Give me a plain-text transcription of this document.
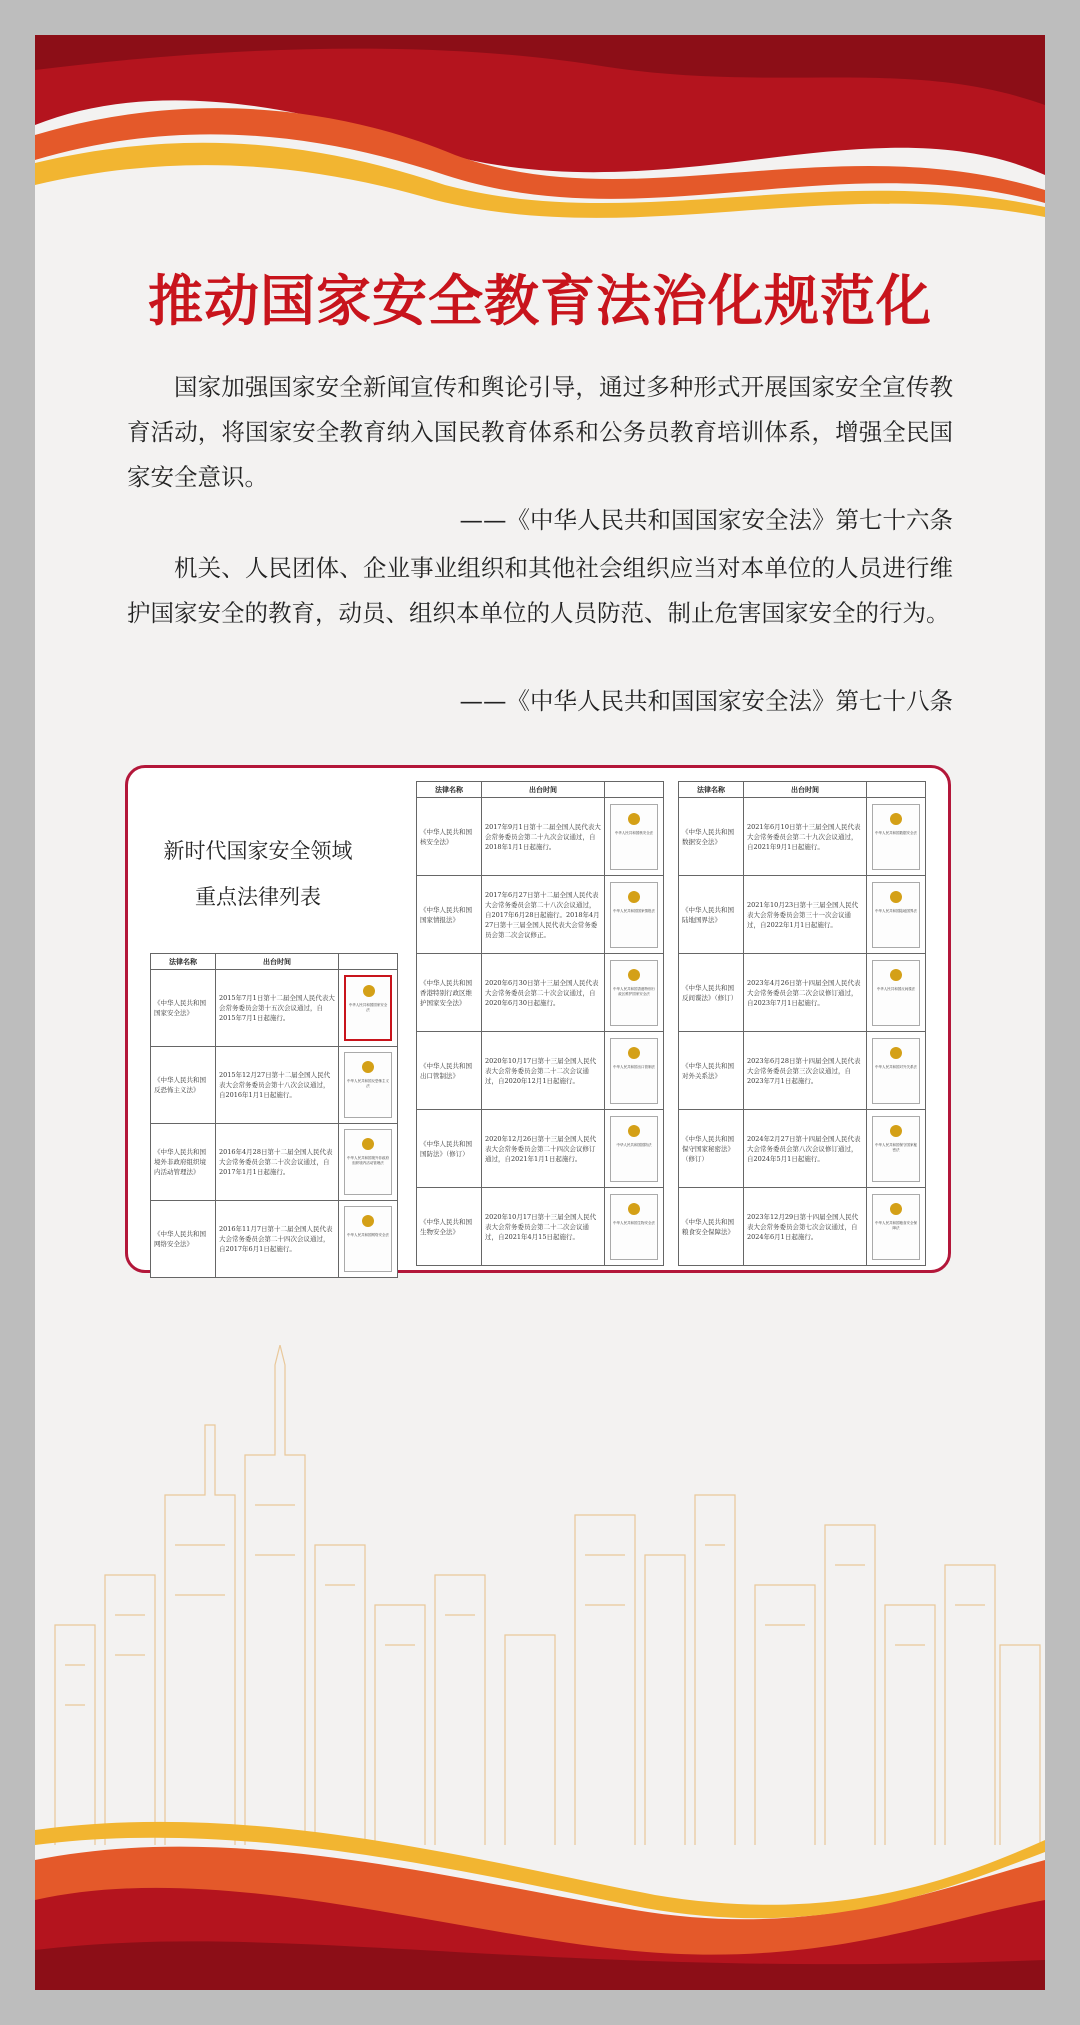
推动国家安全教育法治化规范化
国家加强国家安全新闻宣传和舆论引导，通过多种形式开展国家安全宣传教育活动，将国家安全教育纳入国民教育体系和公务员教育培训体系，增强全民国家安全意识。
——《中华人民共和国国家安全法》第七十六条
机关、人民团体、企业事业组织和其他社会组织应当对本单位的人员进行维护国家安全的教育，动员、组织本单位的人员防范、制止危害国家安全的行为。
——《中华人民共和国国家安全法》第七十八条
新时代国家安全领域
重点法律列表
法律名称	出台时间	
《中华人民共和国国家安全法》	2015年7月1日第十二届全国人民代表大会常务委员会第十五次会议通过，自2015年7月1日起施行。	中华人民共和国国家安全法

《中华人民共和国反恐怖主义法》	2015年12月27日第十二届全国人民代表大会常务委员会第十八次会议通过，自2016年1月1日起施行。	中华人民共和国反恐怖主义法

《中华人民共和国境外非政府组织境内活动管理法》	2016年4月28日第十二届全国人民代表大会常务委员会第二十次会议通过，自2017年1月1日起施行。	中华人民共和国境外非政府组织境内活动管理法

《中华人民共和国网络安全法》	2016年11月7日第十二届全国人民代表大会常务委员会第二十四次会议通过，自2017年6月1日起施行。	中华人民共和国网络安全法
法律名称	出台时间	
《中华人民共和国核安全法》	2017年9月1日第十二届全国人民代表大会常务委员会第二十九次会议通过，自2018年1月1日起施行。	中华人民共和国核安全法

《中华人民共和国国家情报法》	2017年6月27日第十二届全国人民代表大会常务委员会第二十八次会议通过，自2017年6月28日起施行。2018年4月27日第十三届全国人民代表大会常务委员会第二次会议修正。	中华人民共和国国家情报法

《中华人民共和国香港特别行政区维护国家安全法》	2020年6月30日第十三届全国人民代表大会常务委员会第二十次会议通过，自2020年6月30日起施行。	中华人民共和国香港特别行政区维护国家安全法

《中华人民共和国出口管制法》	2020年10月17日第十三届全国人民代表大会常务委员会第二十二次会议通过，自2020年12月1日起施行。	中华人民共和国出口管制法

《中华人民共和国国防法》（修订）	2020年12月26日第十三届全国人民代表大会常务委员会第二十四次会议修订通过，自2021年1月1日起施行。	中华人民共和国国防法

《中华人民共和国生物安全法》	2020年10月17日第十三届全国人民代表大会常务委员会第二十二次会议通过，自2021年4月15日起施行。	中华人民共和国生物安全法
法律名称	出台时间	
《中华人民共和国数据安全法》	2021年6月10日第十三届全国人民代表大会常务委员会第二十九次会议通过，自2021年9月1日起施行。	中华人民共和国数据安全法

《中华人民共和国陆地国界法》	2021年10月23日第十三届全国人民代表大会常务委员会第三十一次会议通过，自2022年1月1日起施行。	中华人民共和国陆地国界法

《中华人民共和国反间谍法》（修订）	2023年4月26日第十四届全国人民代表大会常务委员会第二次会议修订通过，自2023年7月1日起施行。	中华人民共和国反间谍法

《中华人民共和国对外关系法》	2023年6月28日第十四届全国人民代表大会常务委员会第三次会议通过，自2023年7月1日起施行。	中华人民共和国对外关系法

《中华人民共和国保守国家秘密法》（修订）	2024年2月27日第十四届全国人民代表大会常务委员会第八次会议修订通过，自2024年5月1日起施行。	中华人民共和国保守国家秘密法

《中华人民共和国粮食安全保障法》	2023年12月29日第十四届全国人民代表大会常务委员会第七次会议通过，自2024年6月1日起施行。	中华人民共和国粮食安全保障法
